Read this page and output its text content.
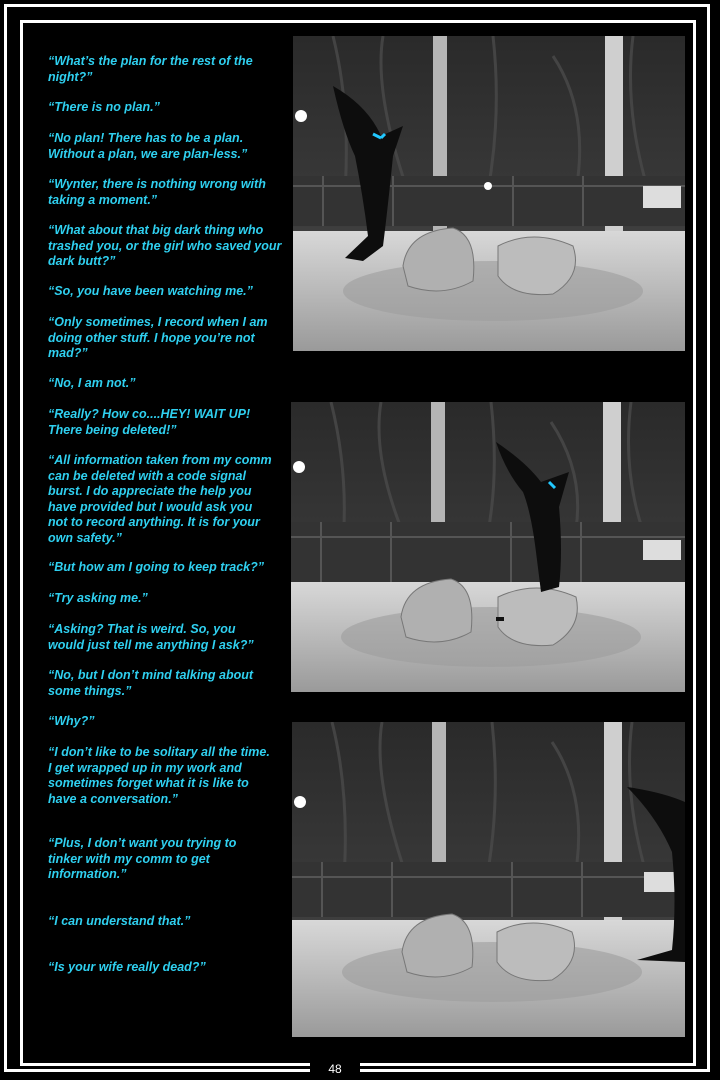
“What’s the plan for the rest of the night?”
“There is no plan.”
“No plan! There has to be a plan. Without a plan, we are plan-less.”
“Wynter, there is nothing wrong with taking a moment.”
“What about that big dark thing who trashed you, or the girl who saved your dark butt?”
“So, you have been watching me.”
“Only sometimes, I record when I am doing other stuff. I hope you’re not mad?”
“No, I am not.”
“Really? How co....HEY! WAIT UP! There being deleted!”
“All information taken from my comm can be deleted with a code signal burst. I do appreciate the help you have provided but I would ask you not to record anything. It is for your own safety.”
“But how am I going to keep track?”
“Try asking me.”
“Asking? That is weird. So, you would just tell me anything I ask?”
“No, but I don’t mind talking about some things.”
“Why?”
“I don’t like to be solitary all the time. I get wrapped up in my work and sometimes forget what it is like to have a conversation.”
“Plus, I don’t want you trying to tinker with my comm to get information.”
“I can understand that.”
“Is your wife really dead?”
48
